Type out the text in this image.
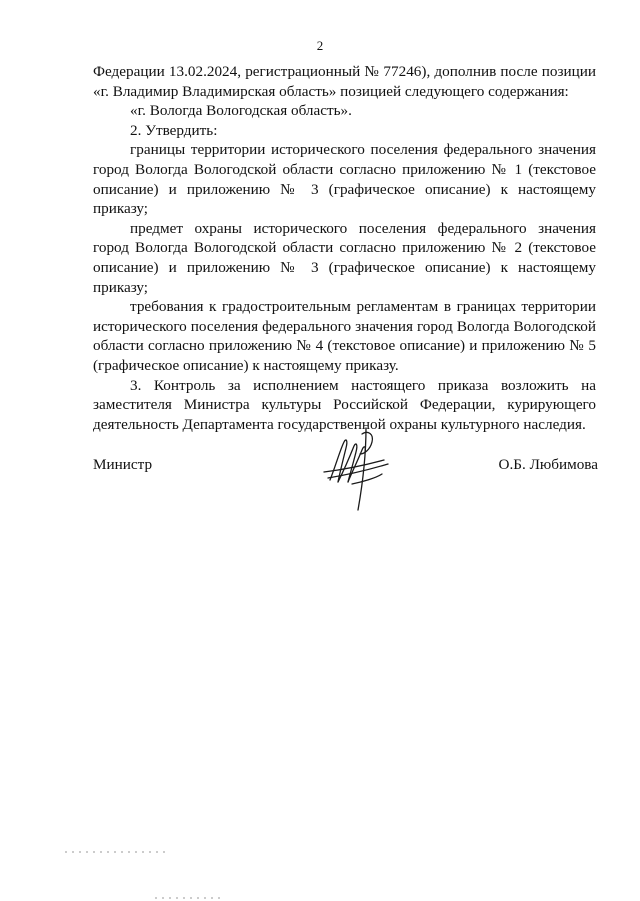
2

Федерации 13.02.2024, регистрационный № 77246), дополнив после позиции «г. Владимир Владимирская область» позицией следующего содержания:

«г. Вологда Вологодская область».

2. Утвердить:

границы территории исторического поселения федерального значения город Вологда Вологодской области согласно приложению № 1 (текстовое описание) и приложению № 3 (графическое описание) к настоящему приказу;

предмет охраны исторического поселения федерального значения город Вологда Вологодской области согласно приложению № 2 (текстовое описание) и приложению № 3 (графическое описание) к настоящему приказу;

требования к градостроительным регламентам в границах территории исторического поселения федерального значения город Вологда Вологодской области согласно приложению № 4 (текстовое описание) и приложению № 5 (графическое описание) к настоящему приказу.

3. Контроль за исполнением настоящего приказа возложить на заместителя Министра культуры Российской Федерации, курирующего деятельность Департамента государственной охраны культурного наследия.

Министр	О.Б. Любимова
